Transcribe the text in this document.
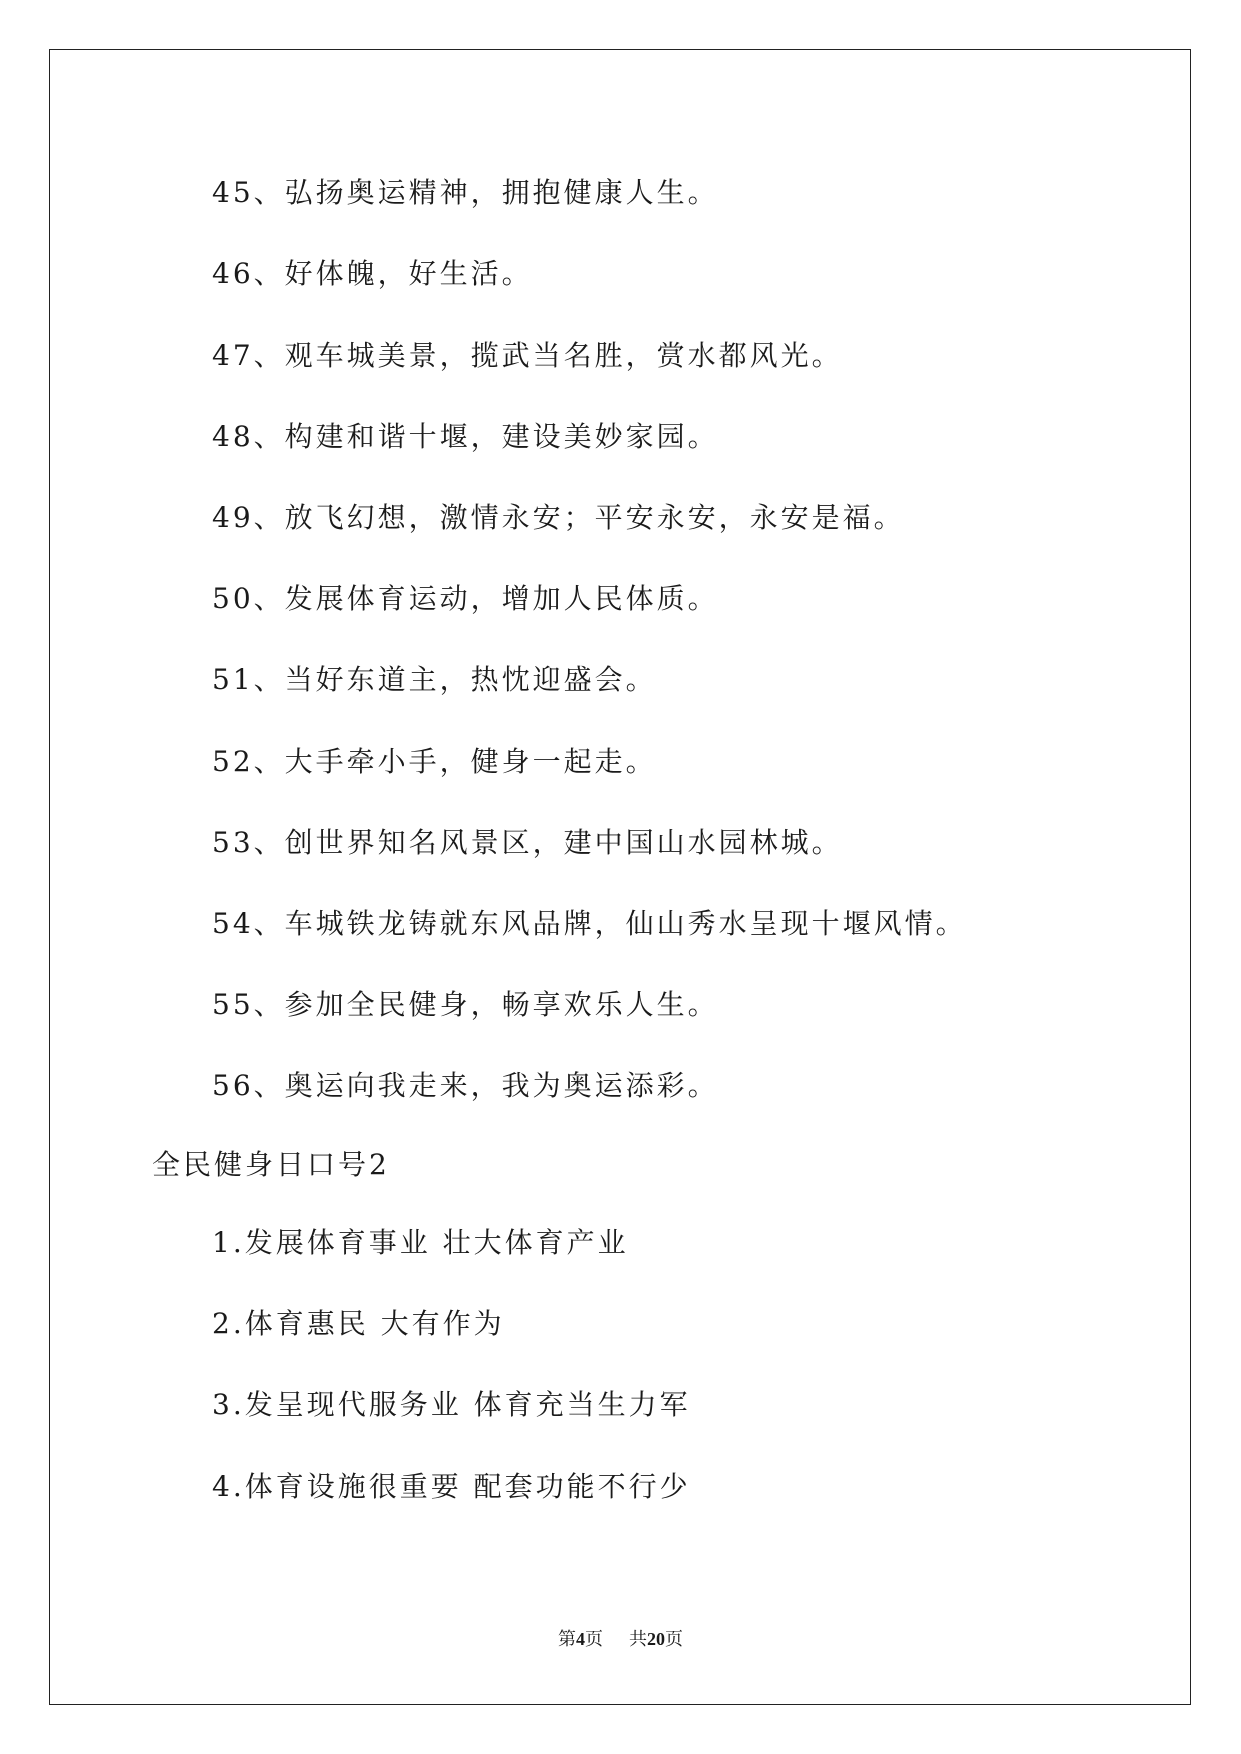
45、弘扬奥运精神，拥抱健康人生。
46、好体魄，好生活。
47、观车城美景，揽武当名胜，赏水都风光。
48、构建和谐十堰，建设美妙家园。
49、放飞幻想，激情永安；平安永安，永安是福。
50、发展体育运动，增加人民体质。
51、当好东道主，热忱迎盛会。
52、大手牵小手，健身一起走。
53、创世界知名风景区，建中国山水园林城。
54、车城铁龙铸就东风品牌，仙山秀水呈现十堰风情。
55、参加全民健身，畅享欢乐人生。
56、奥运向我走来，我为奥运添彩。
全民健身日口号2
1.发展体育事业 壮大体育产业
2.体育惠民 大有作为
3.发呈现代服务业 体育充当生力军
4.体育设施很重要 配套功能不行少
第4页 共20页
